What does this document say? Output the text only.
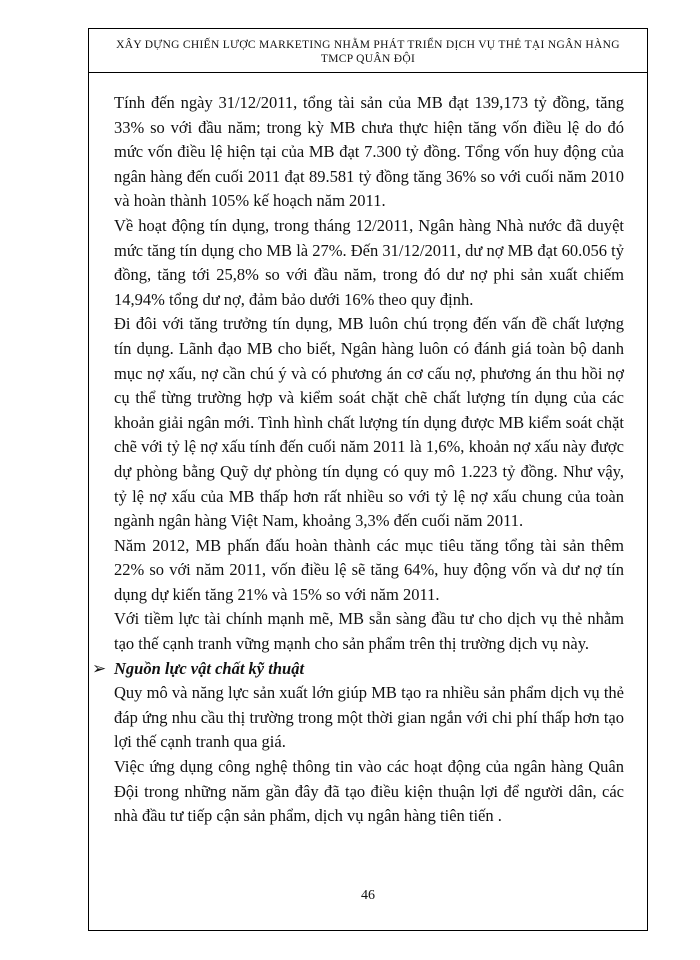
XÂY DỰNG CHIẾN LƯỢC MARKETING NHẰM PHÁT TRIỂN DỊCH VỤ THẺ TẠI NGÂN HÀNG
TMCP QUÂN ĐỘI

Tính đến ngày 31/12/2011, tổng tài sản của MB đạt 139,173 tỷ đồng, tăng 33% so với đầu năm; trong kỳ MB chưa thực hiện tăng vốn điều lệ do đó mức vốn điều lệ hiện tại của MB đạt 7.300 tỷ đồng. Tổng vốn huy động của ngân hàng đến cuối 2011 đạt 89.581 tỷ đồng tăng 36% so với cuối năm 2010 và hoàn thành 105% kế hoạch năm 2011.

Về hoạt động tín dụng, trong tháng 12/2011, Ngân hàng Nhà nước đã duyệt mức tăng tín dụng cho MB là 27%. Đến 31/12/2011, dư nợ MB đạt 60.056 tỷ đồng, tăng tới 25,8% so với đầu năm, trong đó dư nợ phi sản xuất chiếm 14,94% tổng dư nợ, đảm bảo dưới 16% theo quy định.

Đi đôi với tăng trưởng tín dụng, MB luôn chú trọng đến vấn đề chất lượng tín dụng. Lãnh đạo MB cho biết, Ngân hàng luôn có đánh giá toàn bộ danh mục nợ xấu, nợ cần chú ý và có phương án cơ cấu nợ, phương án thu hồi nợ cụ thể từng trường hợp và kiểm soát chặt chẽ chất lượng tín dụng của các khoản giải ngân mới. Tình hình chất lượng tín dụng được MB kiểm soát chặt chẽ với tỷ lệ nợ xấu tính đến cuối năm 2011 là 1,6%, khoản nợ xấu này được dự phòng bằng Quỹ dự phòng tín dụng có quy mô 1.223 tỷ đồng. Như vậy, tỷ lệ nợ xấu của MB thấp hơn rất nhiều so với tỷ lệ nợ xấu chung của toàn ngành ngân hàng Việt Nam, khoảng 3,3% đến cuối năm 2011.

Năm 2012, MB phấn đấu hoàn thành các mục tiêu tăng tổng tài sản thêm 22% so với năm 2011, vốn điều lệ sẽ tăng 64%, huy động vốn và dư nợ tín dụng dự kiến tăng 21% và 15% so với năm 2011.

Với tiềm lực tài chính mạnh mẽ, MB sẵn sàng đầu tư cho dịch vụ thẻ nhằm tạo thế cạnh tranh vững mạnh cho sản phẩm trên thị trường dịch vụ này.

➢ Nguồn lực vật chất kỹ thuật

Quy mô và năng lực sản xuất lớn giúp MB tạo ra nhiều sản phẩm dịch vụ thẻ đáp ứng nhu cầu thị trường trong một thời gian ngắn với chi phí thấp hơn tạo lợi thế cạnh tranh qua giá.

Việc ứng dụng công nghệ thông tin vào các hoạt động của ngân hàng Quân Đội trong những năm gần đây đã tạo điều kiện thuận lợi để người dân, các nhà đầu tư tiếp cận sản phẩm, dịch vụ ngân hàng tiên tiến .

46
